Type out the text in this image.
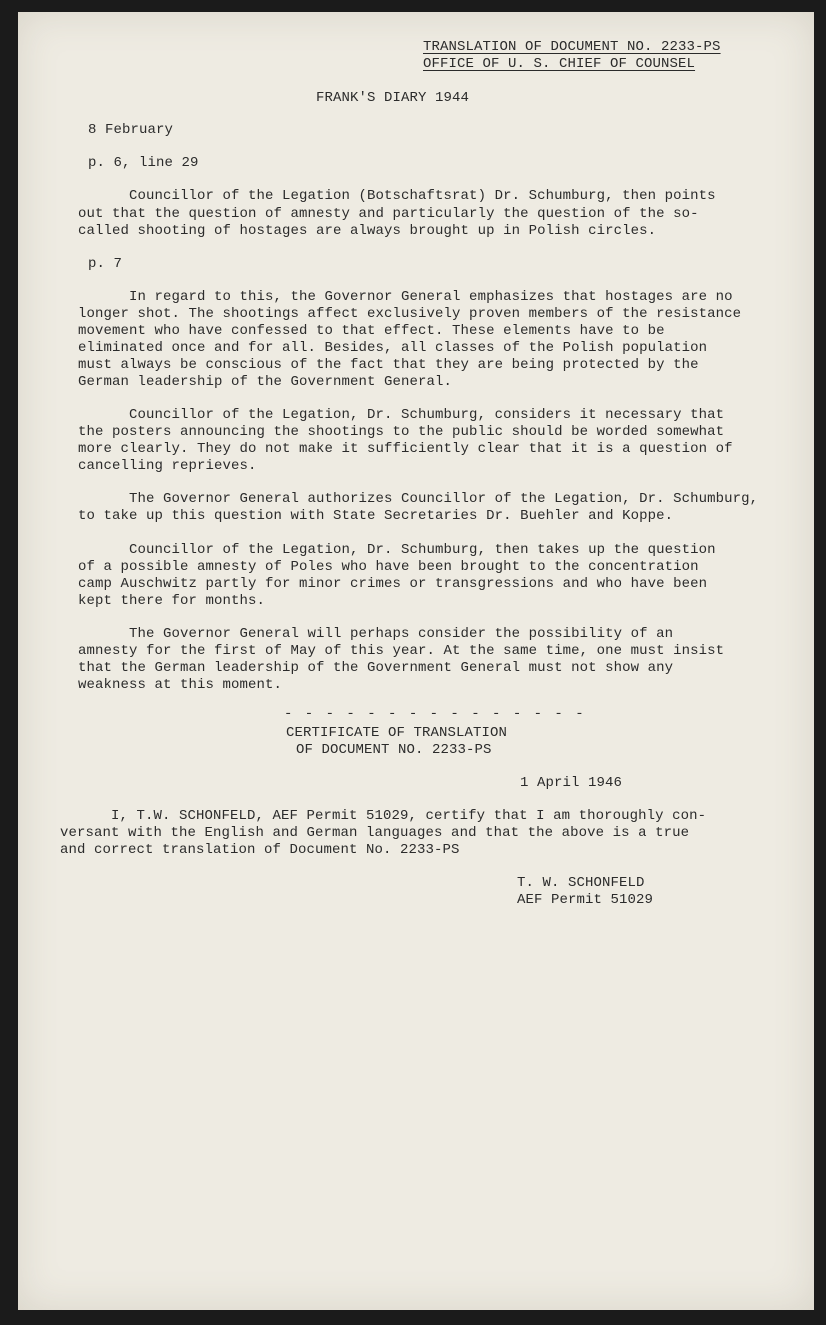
TRANSLATION OF DOCUMENT NO. 2233-PS
OFFICE OF U. S. CHIEF OF COUNSEL
FRANK'S DIARY 1944
8 February
p. 6, line 29
Councillor of the Legation (Botschaftsrat) Dr. Schumburg, then points
out that the question of amnesty and particularly the question of the so-
called shooting of hostages are always brought up in Polish circles.
p. 7
In regard to this, the Governor General emphasizes that hostages are no
longer shot. The shootings affect exclusively proven members of the resistance
movement who have confessed to that effect. These elements have to be
eliminated once and for all. Besides, all classes of the Polish population
must always be conscious of the fact that they are being protected by the
German leadership of the Government General.
Councillor of the Legation, Dr. Schumburg, considers it necessary that
the posters announcing the shootings to the public should be worded somewhat
more clearly. They do not make it sufficiently clear that it is a question of
cancelling reprieves.
The Governor General authorizes Councillor of the Legation, Dr. Schumburg,
to take up this question with State Secretaries Dr. Buehler and Koppe.
Councillor of the Legation, Dr. Schumburg, then takes up the question
of a possible amnesty of Poles who have been brought to the concentration
camp Auschwitz partly for minor crimes or transgressions and who have been
kept there for months.
The Governor General will perhaps consider the possibility of an
amnesty for the first of May of this year. At the same time, one must insist
that the German leadership of the Government General must not show any
weakness at this moment.
- - - - - - - - - - - - - - -
CERTIFICATE OF TRANSLATION
OF DOCUMENT NO. 2233-PS
1 April 1946
I, T.W. SCHONFELD, AEF Permit 51029, certify that I am thoroughly con-
versant with the English and German languages and that the above is a true
and correct translation of Document No. 2233-PS
T. W. SCHONFELD
AEF Permit 51029
